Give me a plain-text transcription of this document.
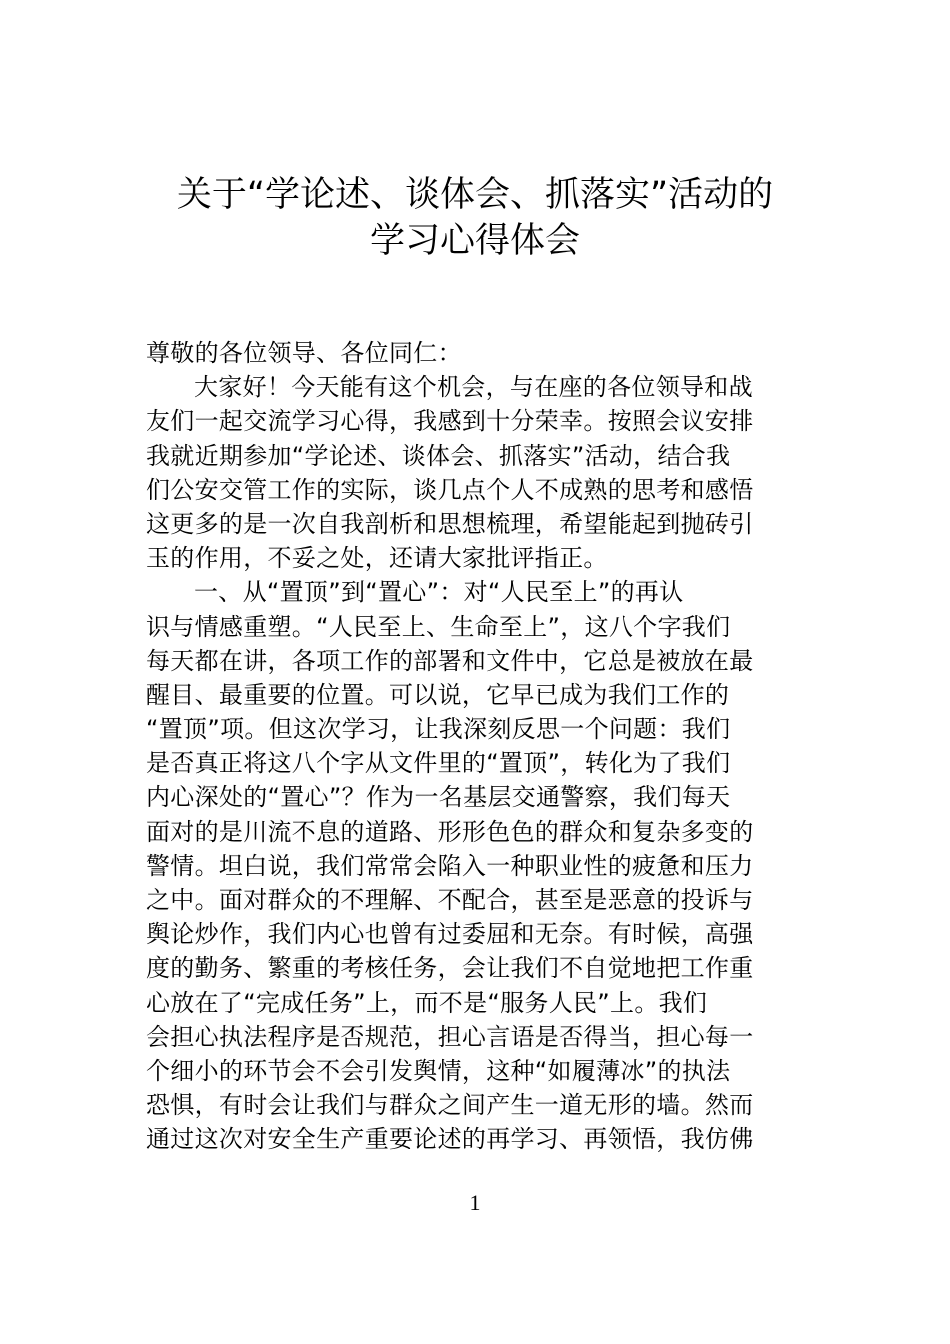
关于“学论述、谈体会、抓落实”活动的
学习心得体会
尊敬的各位领导、各位同仁：
大家好！今天能有这个机会，与在座的各位领导和战
友们一起交流学习心得，我感到十分荣幸。按照会议安排
我就近期参加“学论述、谈体会、抓落实”活动，结合我
们公安交管工作的实际，谈几点个人不成熟的思考和感悟
这更多的是一次自我剖析和思想梳理，希望能起到抛砖引
玉的作用，不妥之处，还请大家批评指正。
一、从“置顶”到“置心”：对“人民至上”的再认
识与情感重塑。“人民至上、生命至上”，这八个字我们
每天都在讲，各项工作的部署和文件中，它总是被放在最
醒目、最重要的位置。可以说，它早已成为我们工作的
“置顶”项。但这次学习，让我深刻反思一个问题：我们
是否真正将这八个字从文件里的“置顶”，转化为了我们
内心深处的“置心”？作为一名基层交通警察，我们每天
面对的是川流不息的道路、形形色色的群众和复杂多变的
警情。坦白说，我们常常会陷入一种职业性的疲惫和压力
之中。面对群众的不理解、不配合，甚至是恶意的投诉与
舆论炒作，我们内心也曾有过委屈和无奈。有时候，高强
度的勤务、繁重的考核任务，会让我们不自觉地把工作重
心放在了“完成任务”上，而不是“服务人民”上。我们
会担心执法程序是否规范，担心言语是否得当，担心每一
个细小的环节会不会引发舆情，这种“如履薄冰”的执法
恐惧，有时会让我们与群众之间产生一道无形的墙。然而
通过这次对安全生产重要论述的再学习、再领悟，我仿佛
1
